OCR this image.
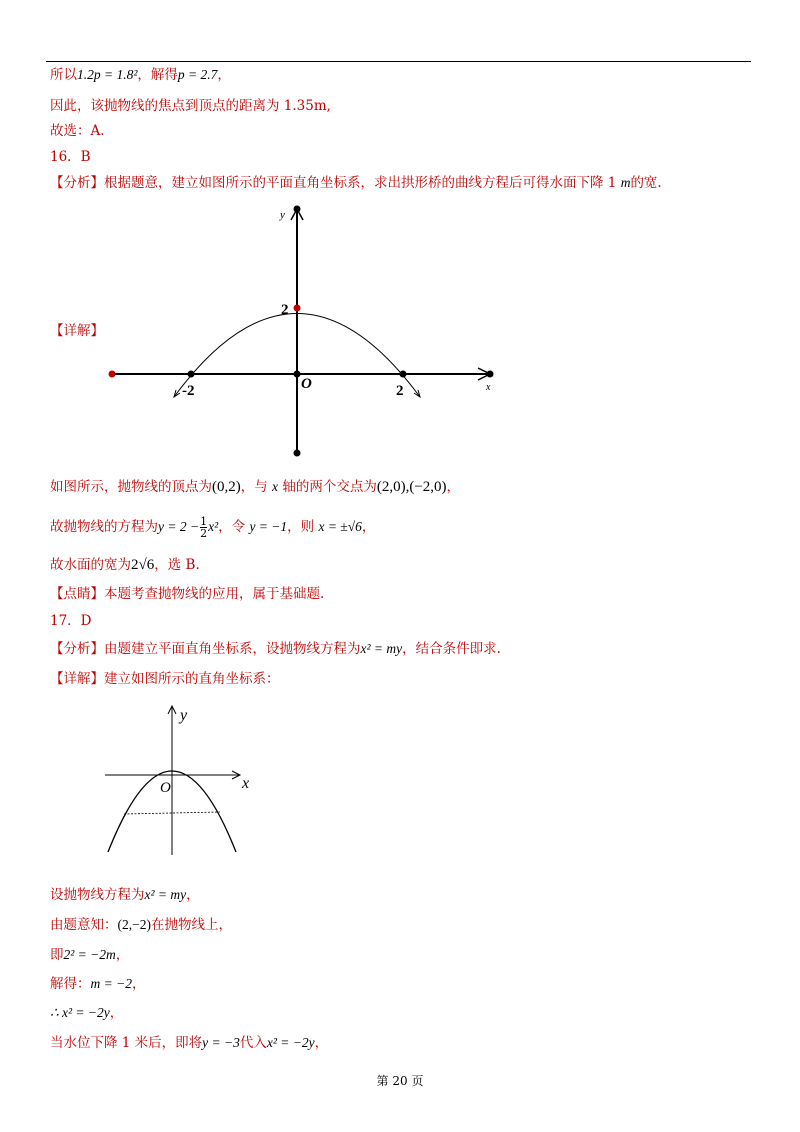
所以1.2p = 1.8²，解得p = 2.7，
因此，该抛物线的焦点到顶点的距离为 1.35m,
故选：A.
16．B
【分析】根据题意，建立如图所示的平面直角坐标系，求出拱形桥的曲线方程后可得水面下降 1 m的宽.
【详解】
y
x
2
-2	2
O
如图所示，抛物线的顶点为(0,2)，与 x 轴的两个交点为(2,0),(−2,0)，
故抛物线的方程为$y = 2 - \frac{1}{2} x^2$，令 y = −1，则 x = ±√6，
故水面的宽为2√6，选 B.
【点睛】本题考查抛物线的应用，属于基础题.
17．D
【分析】由题建立平面直角坐标系，设抛物线方程为x² = my，结合条件即求.
【详解】建立如图所示的直角坐标系：
y
x
O
设抛物线方程为x² = my，
由题意知：(2,−2)在抛物线上，
即2² = −2m，
解得：m = −2，
∴ x² = −2y，
当水位下降 1 米后，即将y = −3代入x² = −2y，
第 20 页
